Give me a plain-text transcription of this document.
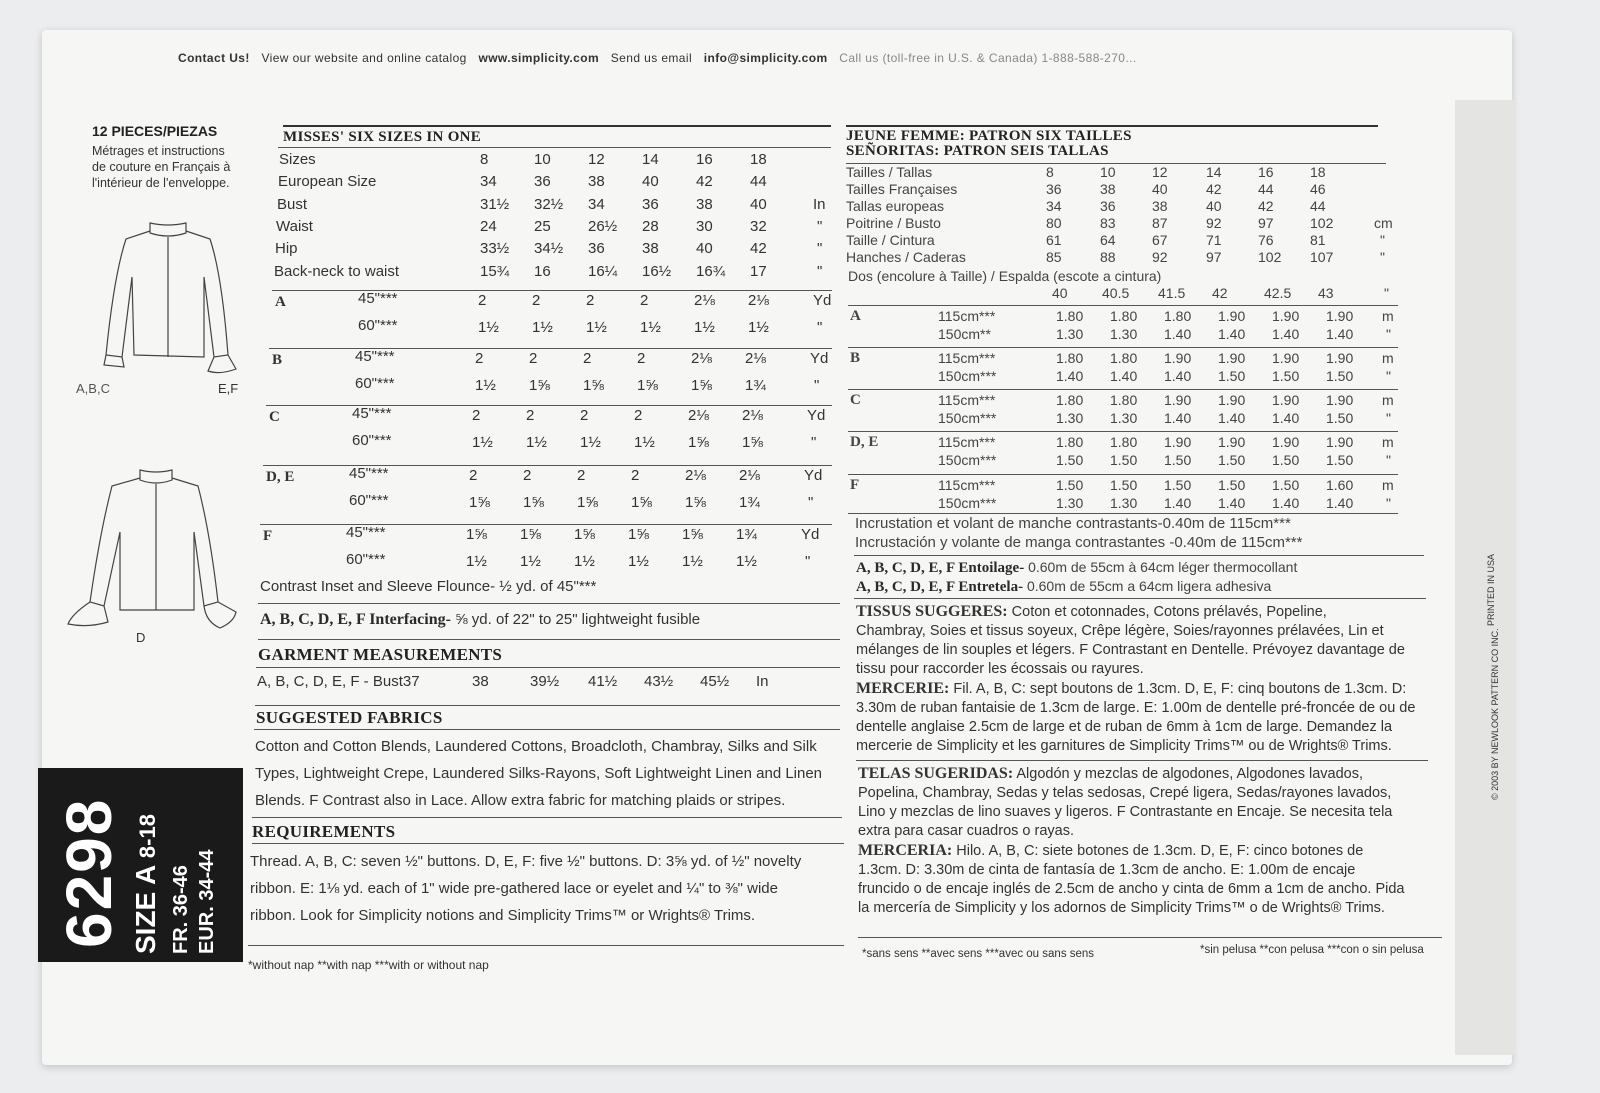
Contact Us! View our website and online catalog www.simplicity.com Send us email info@simplicity.com Call us (toll-free in U.S. & Canada) 1-888-588-270...
12 PIECES/PIEZAS
Métrages et instructions
de couture en Français à
l'intérieur de l'enveloppe.
A,B,C	E,F
D
MISSES' SIX SIZES IN ONE
Sizes	8	10 12 14 16 18
European Size	34 36 38 40 42 44
Bust	31½ 32½ 34 36 38 40	In
Waist	24 25 26½ 28 30 32	"
Hip	33½ 34½ 36 38 40 42	"
Back-neck to waist	15¾ 16 16¼ 16½ 16¾ 17	"
A	45"***	2	2	2	2	2⅛ 2⅛	Yd
60"***	1½ 1½ 1½ 1½ 1½ 1½	"
B	45"***	2	2	2	2	2⅛ 2⅛	Yd
60"***	1½ 1⅝ 1⅝ 1⅝ 1⅝ 1¾	"
C	45"***	2	2	2	2	2⅛ 2⅛	Yd
60"***	1½ 1½ 1½ 1½ 1⅝ 1⅝	"
D, E	45"***	2	2	2	2	2⅛ 2⅛	Yd
60"***	1⅝ 1⅝ 1⅝ 1⅝ 1⅝ 1¾	"
F	45"***	1⅝ 1⅝ 1⅝ 1⅝ 1⅝ 1¾	Yd
60"***	1½ 1½ 1½ 1½ 1½ 1½	"
Contrast Inset and Sleeve Flounce- ½ yd. of 45"***
A, B, C, D, E, F Interfacing- ⅝ yd. of 22" to 25" lightweight fusible
GARMENT MEASUREMENTS
A, B, C, D, E, F - Bust37	38	39½ 41½ 43½ 45½ In
SUGGESTED FABRICS
Cotton and Cotton Blends, Laundered Cottons, Broadcloth, Chambray, Silks and Silk
Types, Lightweight Crepe, Laundered Silks-Rayons, Soft Lightweight Linen and Linen
Blends. F Contrast also in Lace. Allow extra fabric for matching plaids or stripes.
REQUIREMENTS
Thread. A, B, C: seven ½" buttons. D, E, F: five ½" buttons. D: 3⅝ yd. of ½" novelty
ribbon. E: 1⅛ yd. each of 1" wide pre-gathered lace or eyelet and ¼" to ⅜" wide
ribbon. Look for Simplicity notions and Simplicity Trims™ or Wrights® Trims.
*without nap **with nap ***with or without nap
6298 SIZE A 8-18
FR. 36-46 EUR. 34-44
JEUNE FEMME: PATRON SIX TAILLES
SEÑORITAS: PATRON SEIS TALLAS
Tailles / Tallas	8	10	12	14	16	18
Tailles Françaises	36	38	40	42	44	46
Tallas europeas	34	36	38	40	42	44
Poitrine / Busto	80	83	87	92	97	102	cm
Taille / Cintura	61	64	67	71	76	81	"
Hanches / Caderas	85	88	92	97	102 107	"
Dos (encolure à Taille) / Espalda (escote a cintura)
40 40.5 41.5 42	42.5 43	"
A	115cm***	1.80 1.80 1.80 1.90 1.90 1.90 m
150cm**	1.30 1.30 1.40 1.40 1.40 1.40 "
B	115cm***	1.80 1.80 1.90 1.90 1.90 1.90 m
150cm***	1.40 1.40 1.40 1.50 1.50 1.50 "
C	115cm***	1.80 1.80 1.90 1.90 1.90 1.90 m
150cm***	1.30 1.30 1.40 1.40 1.40 1.50 "
D, E	115cm***	1.80 1.80 1.90 1.90 1.90 1.90 m
150cm***	1.50 1.50 1.50 1.50 1.50 1.50 "
F	115cm***	1.50 1.50 1.50 1.50 1.50 1.60 m
150cm***	1.30 1.30 1.40 1.40 1.40 1.40 "
Incrustation et volant de manche contrastants-0.40m de 115cm***
Incrustación y volante de manga contrastantes -0.40m de 115cm***
A, B, C, D, E, F Entoilage- 0.60m de 55cm à 64cm léger thermocollant
A, B, C, D, E, F Entretela- 0.60m de 55cm a 64cm ligera adhesiva
TISSUS SUGGERES: Coton et cotonnades, Cotons prélavés, Popeline,
Chambray, Soies et tissus soyeux, Crêpe légère, Soies/rayonnes prélavées, Lin et
mélanges de lin souples et légers. F Contrastant en Dentelle. Prévoyez davantage de
tissu pour raccorder les écossais ou rayures.
MERCERIE: Fil. A, B, C: sept boutons de 1.3cm. D, E, F: cinq boutons de 1.3cm. D:
3.30m de ruban fantaisie de 1.3cm de large. E: 1.00m de dentelle pré-froncée de ou de
dentelle anglaise 2.5cm de large et de ruban de 6mm à 1cm de large. Demandez la
mercerie de Simplicity et les garnitures de Simplicity Trims™ ou de Wrights® Trims.
TELAS SUGERIDAS: Algodón y mezclas de algodones, Algodones lavados,
Popelina, Chambray, Sedas y telas sedosas, Crepé ligera, Sedas/rayones lavados,
Lino y mezclas de lino suaves y ligeros. F Contrastante en Encaje. Se necesita tela
extra para casar cuadros o rayas.
MERCERIA: Hilo. A, B, C: siete botones de 1.3cm. D, E, F: cinco botones de
1.3cm. D: 3.30m de cinta de fantasía de 1.3cm de ancho. E: 1.00m de encaje
fruncido o de encaje inglés de 2.5cm de ancho y cinta de 6mm a 1cm de ancho. Pida
la mercería de Simplicity y los adornos de Simplicity Trims™ o de Wrights® Trims.
*sans sens **avec sens ***avec ou sans sens	*sin pelusa **con pelusa ***con o sin pelusa
© 2003 BY NEWLOOK PATTERN CO INC.
PRINTED IN USA
